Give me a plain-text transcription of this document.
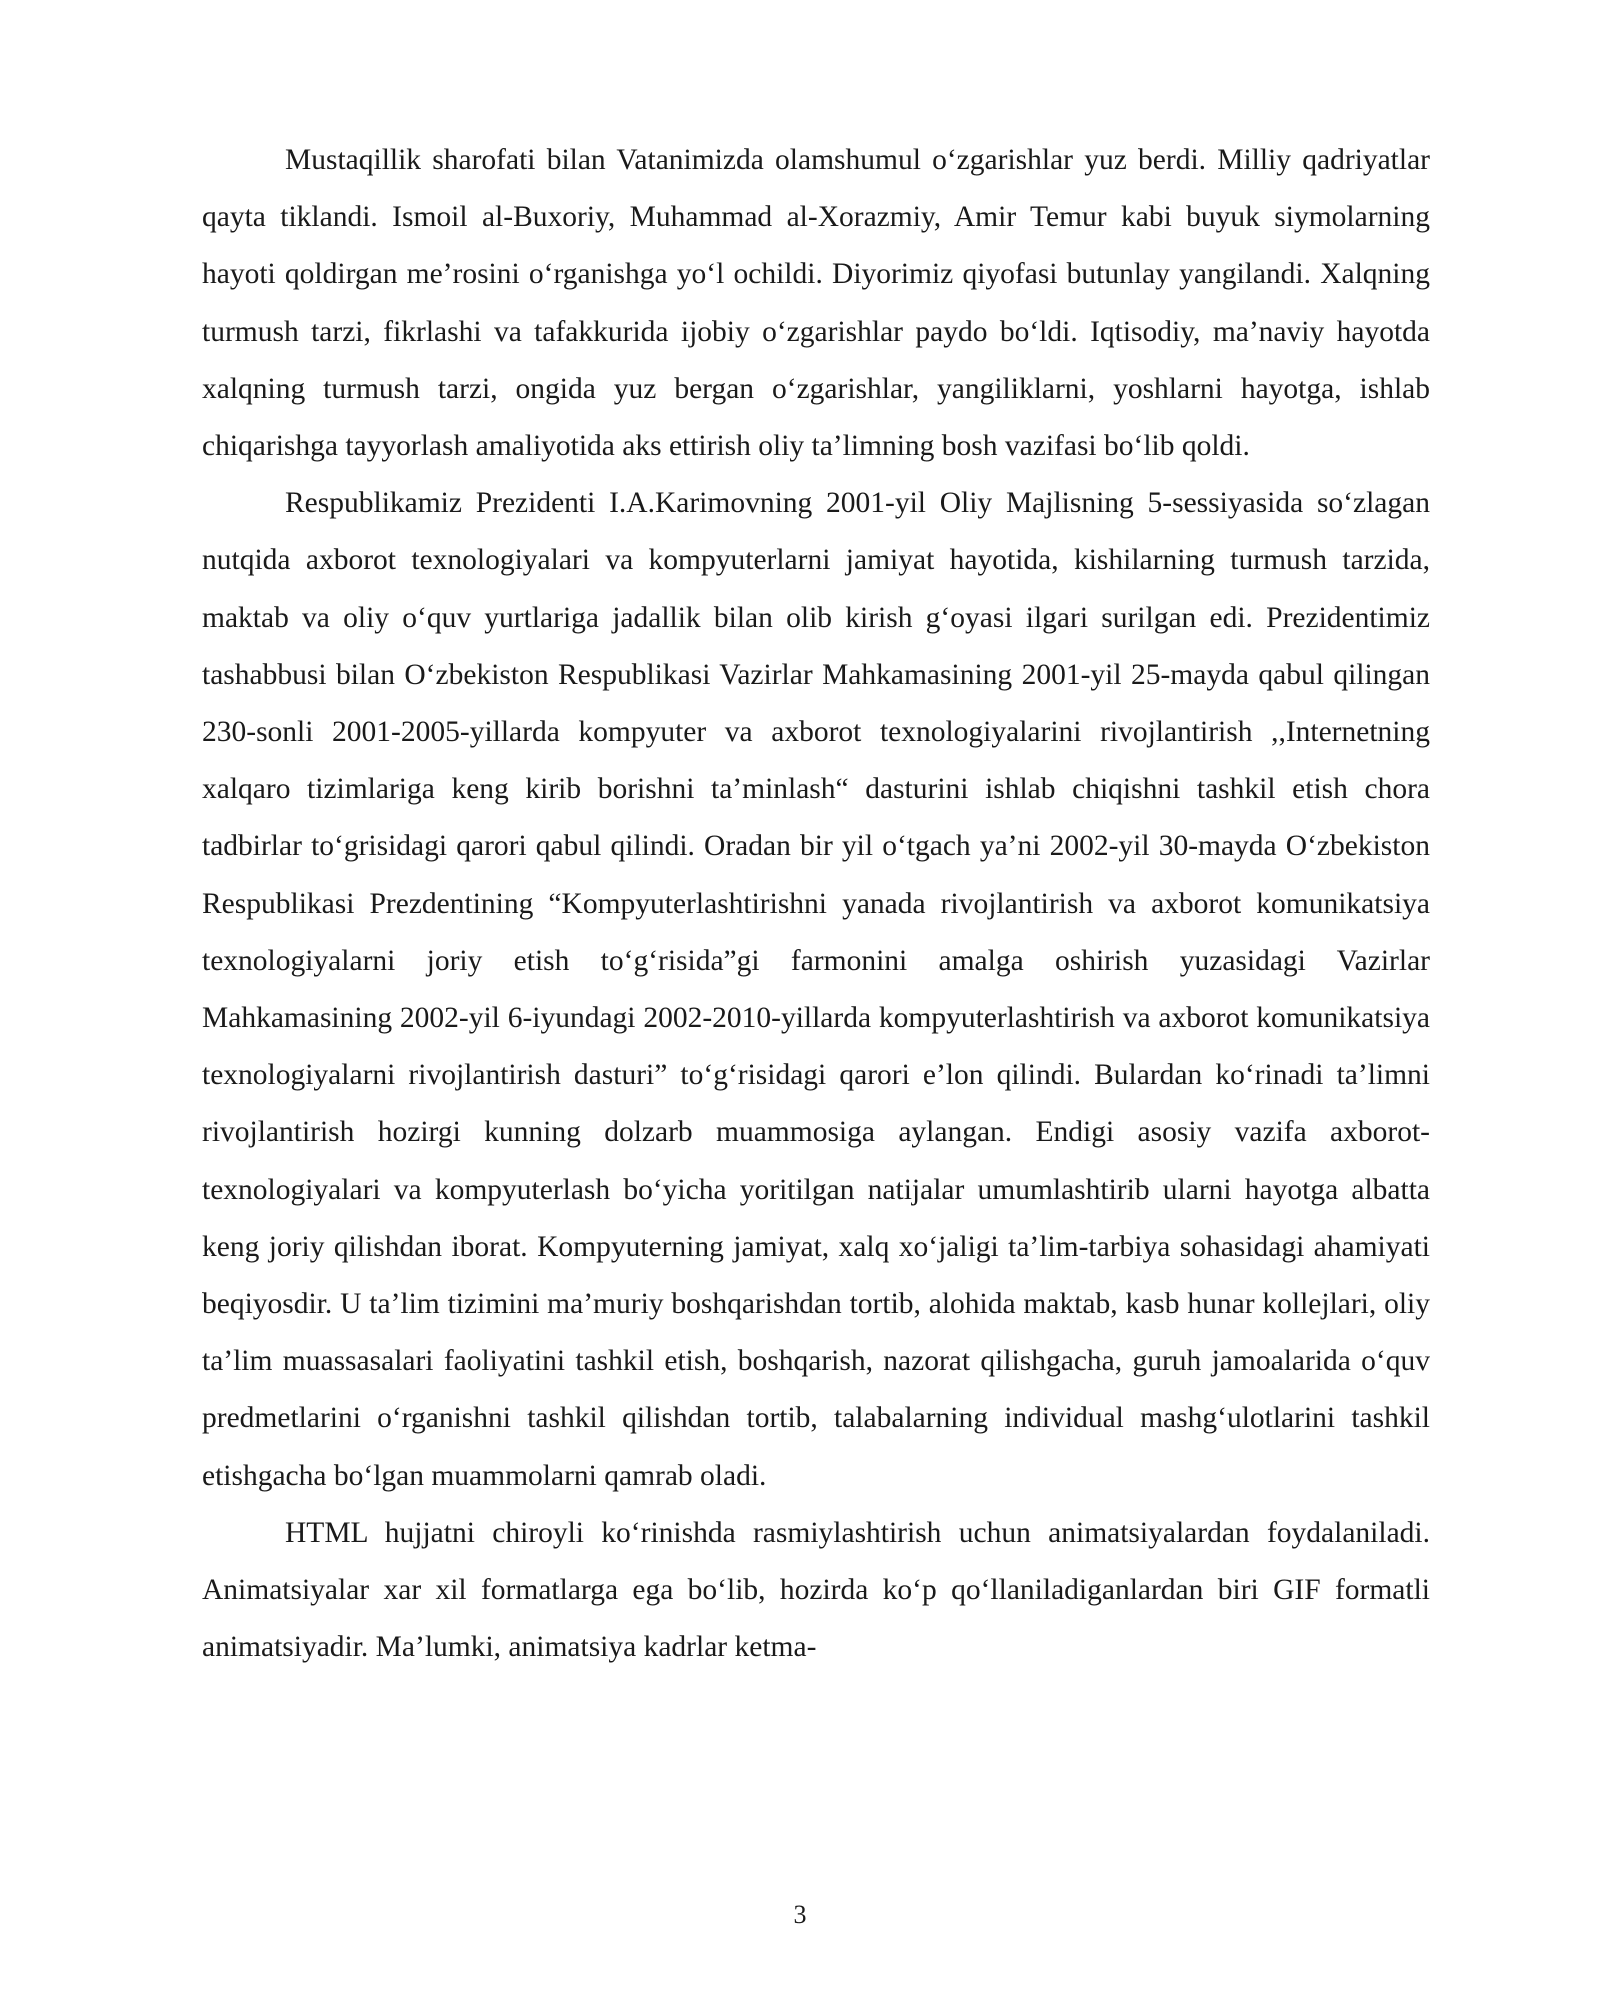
Mustaqillik sharofati bilan Vatanimizda olamshumul o‘zgarishlar yuz berdi. Milliy qadriyatlar qayta tiklandi. Ismoil al-Buxoriy, Muhammad al-Xorazmiy, Amir Temur kabi buyuk siymolarning hayoti qoldirgan me’rosini o‘rganishga yo‘l ochildi. Diyorimiz qiyofasi butunlay yangilandi. Xalqning turmush tarzi, fikrlashi va tafakkurida ijobiy o‘zgarishlar paydo bo‘ldi. Iqtisodiy, ma’naviy hayotda xalqning turmush tarzi, ongida yuz bergan o‘zgarishlar, yangiliklarni, yoshlarni hayotga, ishlab chiqarishga tayyorlash amaliyotida aks ettirish oliy ta’limning bosh vazifasi bo‘lib qoldi.

Respublikamiz Prezidenti I.A.Karimovning 2001-yil Oliy Majlisning 5-sessiyasida so‘zlagan nutqida axborot texnologiyalari va kompyuterlarni jamiyat hayotida, kishilarning turmush tarzida, maktab va oliy o‘quv yurtlariga jadallik bilan olib kirish g‘oyasi ilgari surilgan edi. Prezidentimiz tashabbusi bilan O‘zbekiston Respublikasi Vazirlar Mahkamasining 2001-yil 25-mayda qabul qilingan 230-sonli 2001-2005-yillarda kompyuter va axborot texnologiyalarini rivojlantirish ,,Internetning xalqaro tizimlariga keng kirib borishni ta’minlash“ dasturini ishlab chiqishni tashkil etish chora tadbirlar to‘grisidagi qarori qabul qilindi. Oradan bir yil o‘tgach ya’ni 2002-yil 30-mayda O‘zbekiston Respublikasi Prezdentining “Kompyuterlashtirishni yanada rivojlantirish va axborot komunikatsiya texnologiyalarni joriy etish to‘g‘risida”gi farmonini amalga oshirish yuzasidagi Vazirlar Mahkamasining 2002-yil 6-iyundagi 2002-2010-yillarda kompyuterlashtirish va axborot komunikatsiya texnologiyalarni rivojlantirish dasturi” to‘g‘risidagi qarori e’lon qilindi. Bulardan ko‘rinadi ta’limni rivojlantirish hozirgi kunning dolzarb muammosiga aylangan. Endigi asosiy vazifa axborot-texnologiyalari va kompyuterlash bo‘yicha yoritilgan natijalar umumlashtirib ularni hayotga albatta keng joriy qilishdan iborat. Kompyuterning jamiyat, xalq xo‘jaligi ta’lim-tarbiya sohasidagi ahamiyati beqiyosdir. U ta’lim tizimini ma’muriy boshqarishdan tortib, alohida maktab, kasb hunar kollejlari, oliy ta’lim muassasalari faoliyatini tashkil etish, boshqarish, nazorat qilishgacha, guruh jamoalarida o‘quv predmetlarini o‘rganishni tashkil qilishdan tortib, talabalarning individual mashg‘ulotlarini tashkil etishgacha bo‘lgan muammolarni qamrab oladi.

HTML hujjatni chiroyli ko‘rinishda rasmiylashtirish uchun animatsiyalardan foydalaniladi. Animatsiyalar xar xil formatlarga ega bo‘lib, hozirda ko‘p qo‘llaniladiganlardan biri GIF formatli animatsiyadir. Ma’lumki, animatsiya kadrlar ketma-

3
